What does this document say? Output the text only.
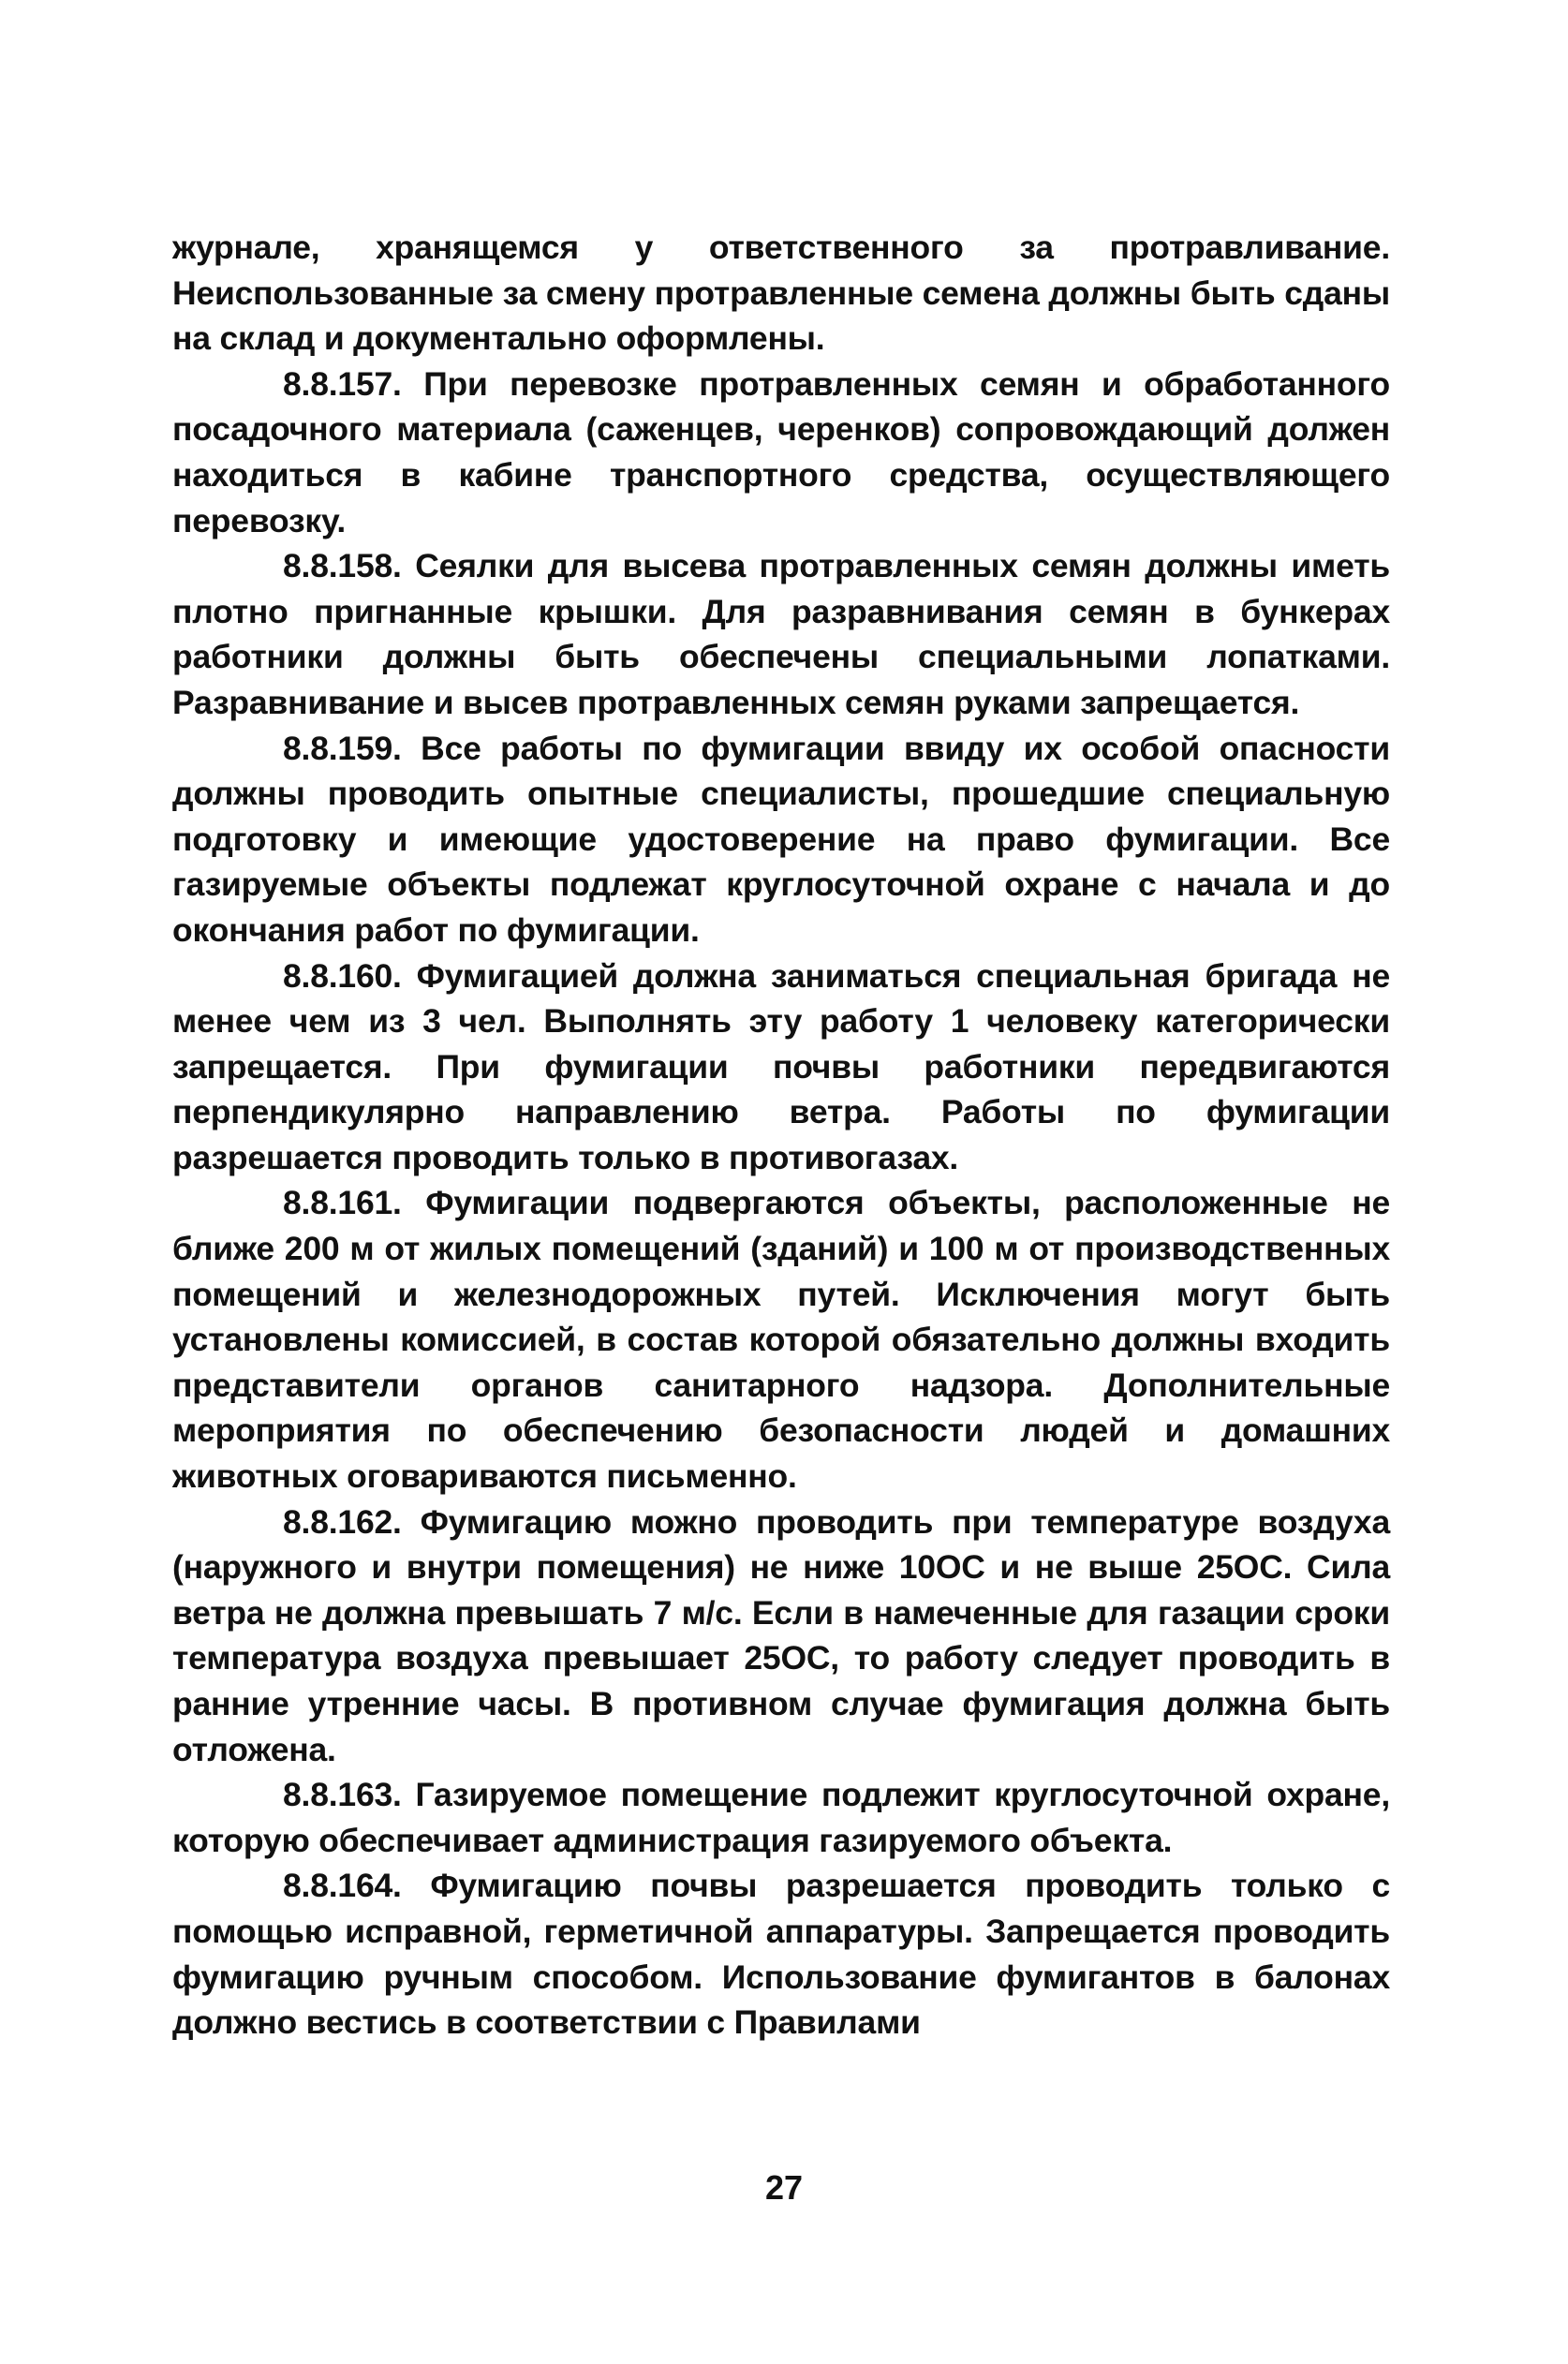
журнале, хранящемся у ответственного за протравливание. Неиспользованные за смену протравленные семена должны быть сданы на склад и документально оформлены.

8.8.157. При перевозке протравленных семян и обработанного посадочного материала (саженцев, черенков) сопровождающий должен находиться в кабине транспортного средства, осуществляющего перевозку.

8.8.158. Сеялки для высева протравленных семян должны иметь плотно пригнанные крышки. Для разравнивания семян в бункерах работники должны быть обеспечены специальными лопатками. Разравнивание и высев протравленных семян руками запрещается.

8.8.159. Все работы по фумигации ввиду их особой опасности должны проводить опытные специалисты, прошедшие специальную подготовку и имеющие удостоверение на право фумигации. Все газируемые объекты подлежат круглосуточной охране с начала и до окончания работ по фумигации.

8.8.160. Фумигацией должна заниматься специальная бригада не менее чем из 3 чел. Выполнять эту работу 1 человеку категорически запрещается. При фумигации почвы работники передвигаются перпендикулярно направлению ветра. Работы по фумигации разрешается проводить только в противогазах.

8.8.161. Фумигации подвергаются объекты, расположенные не ближе 200 м от жилых помещений (зданий) и 100 м от производственных помещений и железнодорожных путей. Исключения могут быть установлены комиссией, в состав которой обязательно должны входить представители органов санитарного надзора. Дополнительные мероприятия по обеспечению безопасности людей и домашних животных оговариваются письменно.

8.8.162. Фумигацию можно проводить при температуре воздуха (наружного и внутри помещения) не ниже 10ОС и не выше 25ОС. Сила ветра не должна превышать 7 м/с. Если в намеченные для газации сроки температура воздуха превышает 25ОС, то работу следует проводить в ранние утренние часы. В противном случае фумигация должна быть отложена.

8.8.163. Газируемое помещение подлежит круглосуточной охране, которую обеспечивает администрация газируемого объекта.

8.8.164. Фумигацию почвы разрешается проводить только с помощью исправной, герметичной аппаратуры. Запрещается проводить фумигацию ручным способом. Использование фумигантов в балонах должно вестись в соответствии с Правилами

27
